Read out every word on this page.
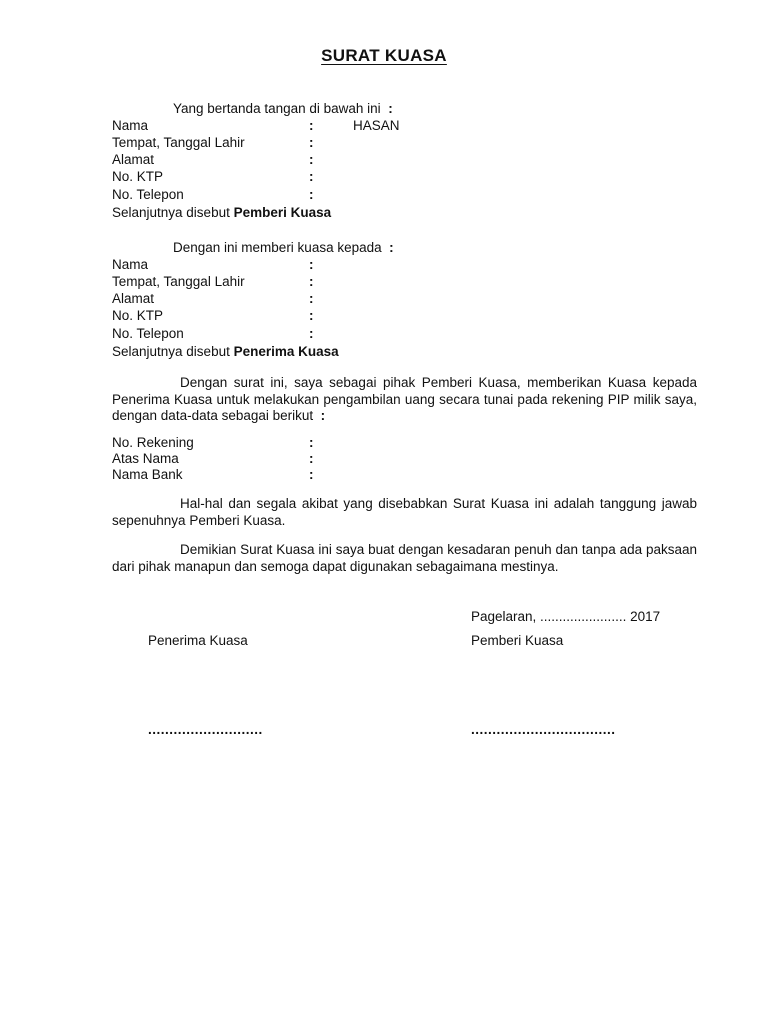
SURAT KUASA
Yang bertanda tangan di bawah ini :
Nama	:	HASAN
Tempat, Tanggal Lahir	:
Alamat	:
No. KTP	:
No. Telepon	:
Selanjutnya disebut Pemberi Kuasa
Dengan ini memberi kuasa kepada :
Nama	:
Tempat, Tanggal Lahir	:
Alamat	:
No. KTP	:
No. Telepon	:
Selanjutnya disebut Penerima Kuasa
Dengan surat ini, saya sebagai pihak Pemberi Kuasa, memberikan Kuasa kepada Penerima Kuasa untuk melakukan pengambilan uang secara tunai pada rekening PIP milik saya, dengan data-data sebagai berikut :
No. Rekening	:
Atas Nama	:
Nama Bank	:
Hal-hal dan segala akibat yang disebabkan Surat Kuasa ini adalah tanggung jawab sepenuhnya Pemberi Kuasa.
Demikian Surat Kuasa ini saya buat dengan kesadaran penuh dan tanpa ada paksaan dari pihak manapun dan semoga dapat digunakan sebagaimana mestinya.
Pagelaran, ....................... 2017
Penerima Kuasa	Pemberi Kuasa
...........................	..................................
